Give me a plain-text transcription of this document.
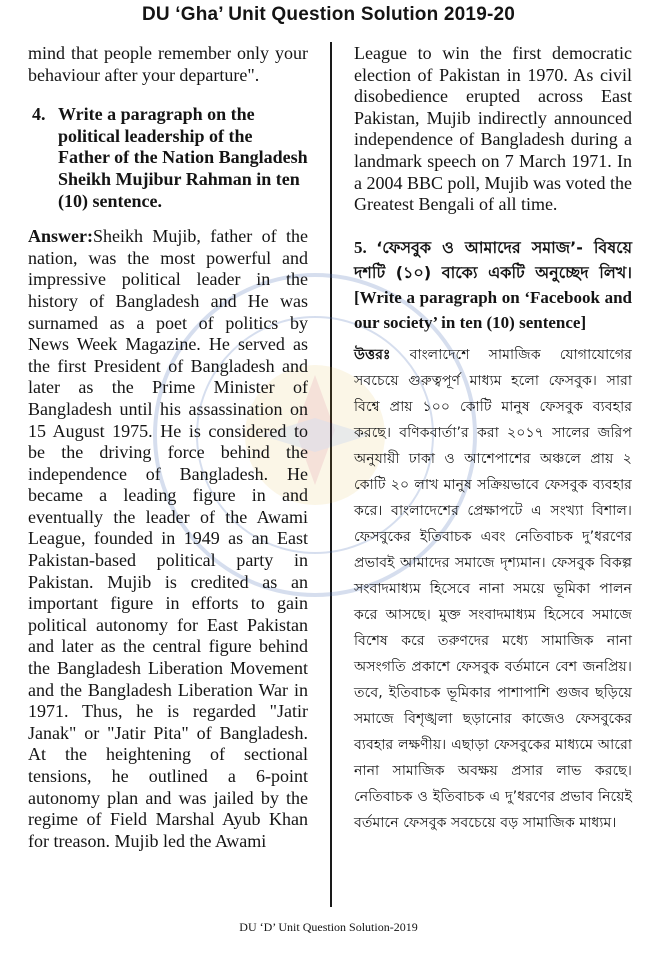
DU ‘Gha’ Unit Question Solution 2019-20

mind that people remember only your behaviour after your departure".

4. Write a paragraph on the political leadership of the Father of the Nation Bangladesh Sheikh Mujibur Rahman in ten (10) sentence.

Answer:Sheikh Mujib, father of the nation, was the most powerful and impressive political leader in the history of Bangladesh and He was surnamed as a poet of politics by News Week Magazine. He served as the first President of Bangladesh and later as the Prime Minister of Bangladesh until his assassination on 15 August 1975. He is considered to be the driving force behind the independence of Bangladesh. He became a leading figure in and eventually the leader of the Awami League, founded in 1949 as an East Pakistan-based political party in Pakistan. Mujib is credited as an important figure in efforts to gain political autonomy for East Pakistan and later as the central figure behind the Bangladesh Liberation Movement and the Bangladesh Liberation War in 1971. Thus, he is regarded "Jatir Janak" or "Jatir Pita" of Bangladesh. At the heightening of sectional tensions, he outlined a 6-point autonomy plan and was jailed by the regime of Field Marshal Ayub Khan for treason. Mujib led the Awami

League to win the first democratic election of Pakistan in 1970. As civil disobedience erupted across East Pakistan, Mujib indirectly announced independence of Bangladesh during a landmark speech on 7 March 1971. In a 2004 BBC poll, Mujib was voted the Greatest Bengali of all time.

5. ‘ফেসবুক ও আমাদের সমাজ’- বিষয়ে দশটি (১০) বাক্যে একটি অনুচ্ছেদ লিখ। [Write a paragraph on ‘Facebook and our society’ in ten (10) sentence]

উত্তরঃ বাংলাদেশে সামাজিক যোগাযোগের সবচেয়ে গুরুত্বপূর্ণ মাধ্যম হলো ফেসবুক। সারা বিশ্বে প্রায় ১০০ কোটি মানুষ ফেসবুক ব্যবহার করছে। বণিকবার্তা’র করা ২০১৭ সালের জরিপ অনুযায়ী ঢাকা ও আশেপাশের অঞ্চলে প্রায় ২ কোটি ২০ লাখ মানুষ সক্রিয়ভাবে ফেসবুক ব্যবহার করে। বাংলাদেশের প্রেক্ষাপটে এ সংখ্যা বিশাল। ফেসবুকের ইতিবাচক এবং নেতিবাচক দু’ধরণের প্রভাবই আমাদের সমাজে দৃশ্যমান। ফেসবুক বিকল্প সংবাদমাধ্যম হিসেবে নানা সময়ে ভূমিকা পালন করে আসছে। মুক্ত সংবাদমাধ্যম হিসেবে সমাজে বিশেষ করে তরুণদের মধ্যে সামাজিক নানা অসংগতি প্রকাশে ফেসবুক বর্তমানে বেশ জনপ্রিয়। তবে, ইতিবাচক ভূমিকার পাশাপাশি গুজব ছড়িয়ে সমাজে বিশৃঙ্খলা ছড়ানোর কাজেও ফেসবুকের ব্যবহার লক্ষণীয়। এছাড়া ফেসবুকের মাধ্যমে আরো নানা সামাজিক অবক্ষয় প্রসার লাভ করছে। নেতিবাচক ও ইতিবাচক এ দু’ধরণের প্রভাব নিয়েই বর্তমানে ফেসবুক সবচেয়ে বড় সামাজিক মাধ্যম।

DU ‘D’ Unit Question Solution-2019
